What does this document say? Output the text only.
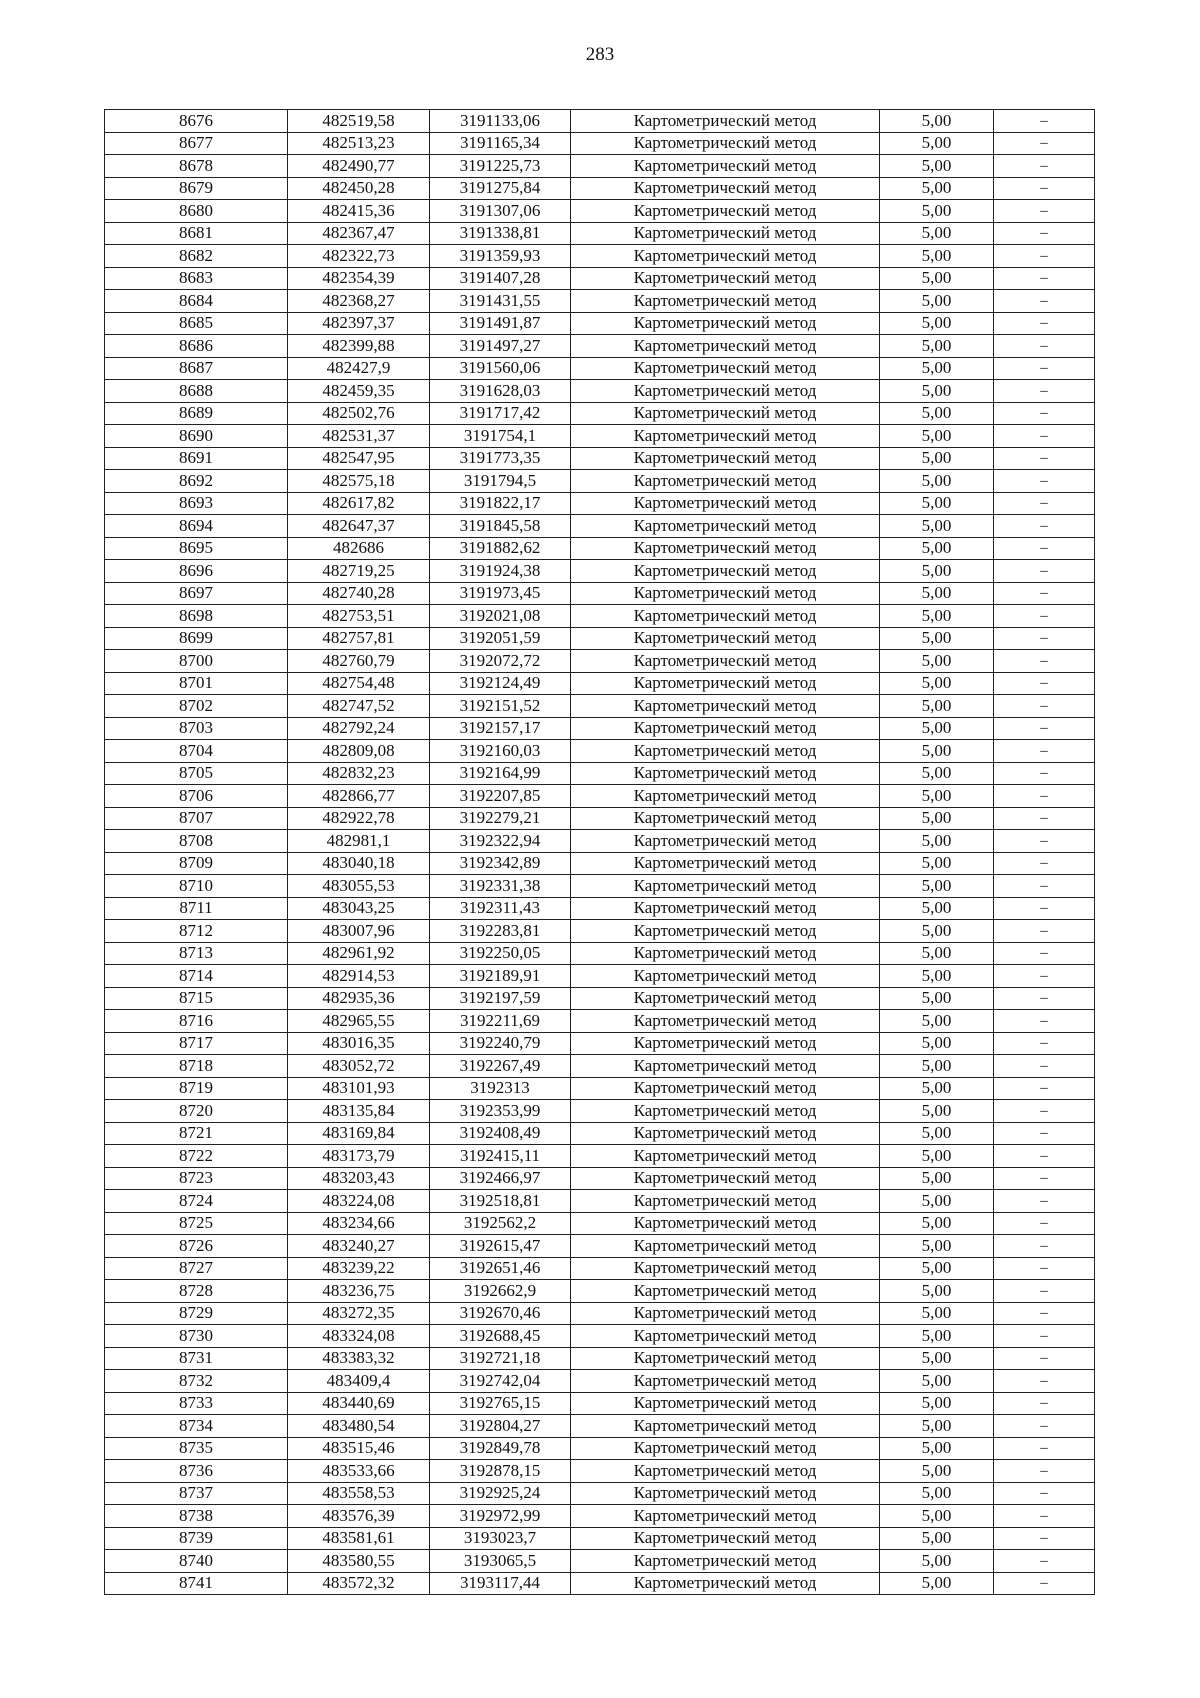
283
8676	482519,58	3191133,06	Картометрический метод	5,00	–
8677	482513,23	3191165,34	Картометрический метод	5,00	–
8678	482490,77	3191225,73	Картометрический метод	5,00	–
8679	482450,28	3191275,84	Картометрический метод	5,00	–
8680	482415,36	3191307,06	Картометрический метод	5,00	–
8681	482367,47	3191338,81	Картометрический метод	5,00	–
8682	482322,73	3191359,93	Картометрический метод	5,00	–
8683	482354,39	3191407,28	Картометрический метод	5,00	–
8684	482368,27	3191431,55	Картометрический метод	5,00	–
8685	482397,37	3191491,87	Картометрический метод	5,00	–
8686	482399,88	3191497,27	Картометрический метод	5,00	–
8687	482427,9	3191560,06	Картометрический метод	5,00	–
8688	482459,35	3191628,03	Картометрический метод	5,00	–
8689	482502,76	3191717,42	Картометрический метод	5,00	–
8690	482531,37	3191754,1	Картометрический метод	5,00	–
8691	482547,95	3191773,35	Картометрический метод	5,00	–
8692	482575,18	3191794,5	Картометрический метод	5,00	–
8693	482617,82	3191822,17	Картометрический метод	5,00	–
8694	482647,37	3191845,58	Картометрический метод	5,00	–
8695	482686	3191882,62	Картометрический метод	5,00	–
8696	482719,25	3191924,38	Картометрический метод	5,00	–
8697	482740,28	3191973,45	Картометрический метод	5,00	–
8698	482753,51	3192021,08	Картометрический метод	5,00	–
8699	482757,81	3192051,59	Картометрический метод	5,00	–
8700	482760,79	3192072,72	Картометрический метод	5,00	–
8701	482754,48	3192124,49	Картометрический метод	5,00	–
8702	482747,52	3192151,52	Картометрический метод	5,00	–
8703	482792,24	3192157,17	Картометрический метод	5,00	–
8704	482809,08	3192160,03	Картометрический метод	5,00	–
8705	482832,23	3192164,99	Картометрический метод	5,00	–
8706	482866,77	3192207,85	Картометрический метод	5,00	–
8707	482922,78	3192279,21	Картометрический метод	5,00	–
8708	482981,1	3192322,94	Картометрический метод	5,00	–
8709	483040,18	3192342,89	Картометрический метод	5,00	–
8710	483055,53	3192331,38	Картометрический метод	5,00	–
8711	483043,25	3192311,43	Картометрический метод	5,00	–
8712	483007,96	3192283,81	Картометрический метод	5,00	–
8713	482961,92	3192250,05	Картометрический метод	5,00	–
8714	482914,53	3192189,91	Картометрический метод	5,00	–
8715	482935,36	3192197,59	Картометрический метод	5,00	–
8716	482965,55	3192211,69	Картометрический метод	5,00	–
8717	483016,35	3192240,79	Картометрический метод	5,00	–
8718	483052,72	3192267,49	Картометрический метод	5,00	–
8719	483101,93	3192313	Картометрический метод	5,00	–
8720	483135,84	3192353,99	Картометрический метод	5,00	–
8721	483169,84	3192408,49	Картометрический метод	5,00	–
8722	483173,79	3192415,11	Картометрический метод	5,00	–
8723	483203,43	3192466,97	Картометрический метод	5,00	–
8724	483224,08	3192518,81	Картометрический метод	5,00	–
8725	483234,66	3192562,2	Картометрический метод	5,00	–
8726	483240,27	3192615,47	Картометрический метод	5,00	–
8727	483239,22	3192651,46	Картометрический метод	5,00	–
8728	483236,75	3192662,9	Картометрический метод	5,00	–
8729	483272,35	3192670,46	Картометрический метод	5,00	–
8730	483324,08	3192688,45	Картометрический метод	5,00	–
8731	483383,32	3192721,18	Картометрический метод	5,00	–
8732	483409,4	3192742,04	Картометрический метод	5,00	–
8733	483440,69	3192765,15	Картометрический метод	5,00	–
8734	483480,54	3192804,27	Картометрический метод	5,00	–
8735	483515,46	3192849,78	Картометрический метод	5,00	–
8736	483533,66	3192878,15	Картометрический метод	5,00	–
8737	483558,53	3192925,24	Картометрический метод	5,00	–
8738	483576,39	3192972,99	Картометрический метод	5,00	–
8739	483581,61	3193023,7	Картометрический метод	5,00	–
8740	483580,55	3193065,5	Картометрический метод	5,00	–
8741	483572,32	3193117,44	Картометрический метод	5,00	–
